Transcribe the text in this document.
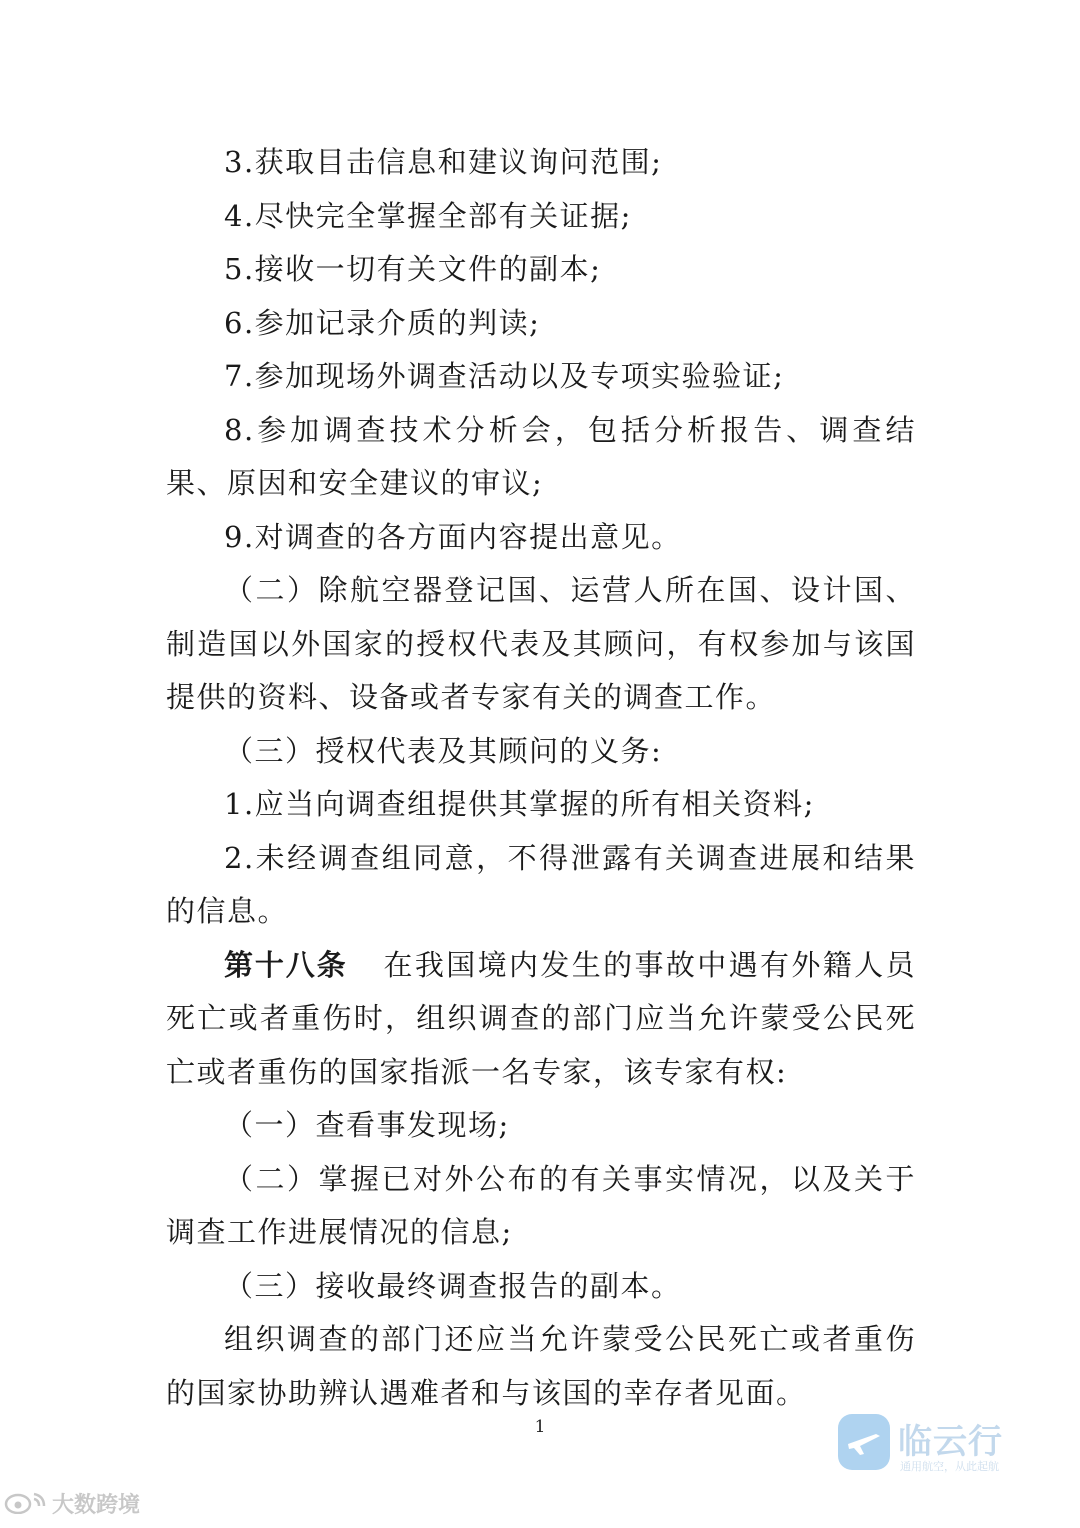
3.获取目击信息和建议询问范围;

4.尽快完全掌握全部有关证据;

5.接收一切有关文件的副本;

6.参加记录介质的判读;

7.参加现场外调查活动以及专项实验验证;

8.参加调查技术分析会，包括分析报告、调查结果、原因和安全建议的审议;

9.对调查的各方面内容提出意见。

（二）除航空器登记国、运营人所在国、设计国、制造国以外国家的授权代表及其顾问，有权参加与该国提供的资料、设备或者专家有关的调查工作。

（三）授权代表及其顾问的义务:

1.应当向调查组提供其掌握的所有相关资料;

2.未经调查组同意，不得泄露有关调查进展和结果的信息。

第十八条 在我国境内发生的事故中遇有外籍人员死亡或者重伤时，组织调查的部门应当允许蒙受公民死亡或者重伤的国家指派一名专家，该专家有权:

（一）查看事发现场;

（二）掌握已对外公布的有关事实情况，以及关于调查工作进展情况的信息;

（三）接收最终调查报告的副本。

组织调查的部门还应当允许蒙受公民死亡或者重伤的国家协助辨认遇难者和与该国的幸存者见面。

1	临云行
通用航空，从此起航
大数跨境
